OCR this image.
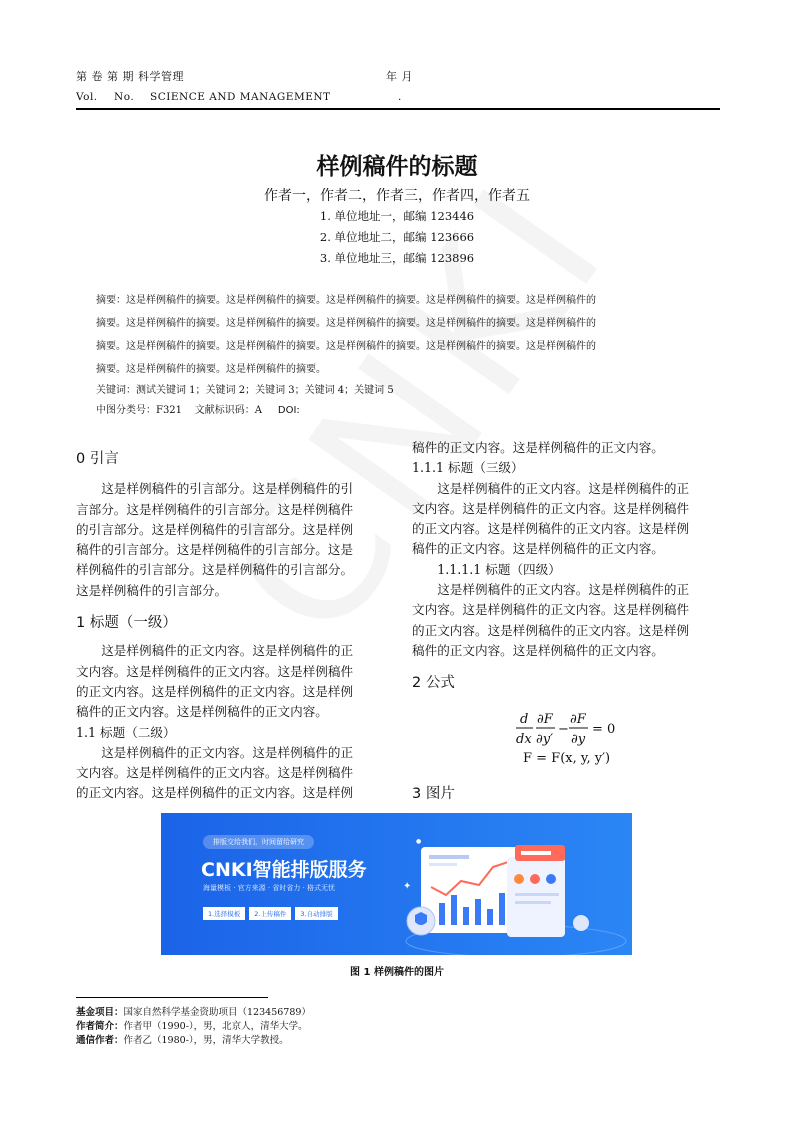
第 卷 第 期 科学管理	年 月
Vol. No. SCIENCE AND MANAGEMENT	.
样例稿件的标题
作者一，作者二，作者三，作者四，作者五
1. 单位地址一，邮编 123446
2. 单位地址二，邮编 123666
3. 单位地址三，邮编 123896
摘要：这是样例稿件的摘要。这是样例稿件的摘要。这是样例稿件的摘要。这是样例稿件的摘要。这是样例稿件的
摘要。这是样例稿件的摘要。这是样例稿件的摘要。这是样例稿件的摘要。这是样例稿件的摘要。这是样例稿件的
摘要。这是样例稿件的摘要。这是样例稿件的摘要。这是样例稿件的摘要。这是样例稿件的摘要。这是样例稿件的
摘要。这是样例稿件的摘要。这是样例稿件的摘要。
关键词：测试关键词 1；关键词 2；关键词 3；关键词 4；关键词 5
中图分类号：F321 文献标识码：A DOI:
0 引言
这是样例稿件的引言部分。这是样例稿件的引
言部分。这是样例稿件的引言部分。这是样例稿件
的引言部分。这是样例稿件的引言部分。这是样例
稿件的引言部分。这是样例稿件的引言部分。这是
样例稿件的引言部分。这是样例稿件的引言部分。
这是样例稿件的引言部分。
1 标题（一级）
这是样例稿件的正文内容。这是样例稿件的正
文内容。这是样例稿件的正文内容。这是样例稿件
的正文内容。这是样例稿件的正文内容。这是样例
稿件的正文内容。这是样例稿件的正文内容。
1.1 标题（二级）
这是样例稿件的正文内容。这是样例稿件的正
文内容。这是样例稿件的正文内容。这是样例稿件
的正文内容。这是样例稿件的正文内容。这是样例
稿件的正文内容。这是样例稿件的正文内容。
1.1.1 标题（三级）
这是样例稿件的正文内容。这是样例稿件的正
文内容。这是样例稿件的正文内容。这是样例稿件
的正文内容。这是样例稿件的正文内容。这是样例
稿件的正文内容。这是样例稿件的正文内容。
1.1.1.1 标题（四级）
这是样例稿件的正文内容。这是样例稿件的正
文内容。这是样例稿件的正文内容。这是样例稿件
的正文内容。这是样例稿件的正文内容。这是样例
稿件的正文内容。这是样例稿件的正文内容。
2 公式
d
dx
∂F
∂y′
−
∂F
∂y
= 0
F = F(x, y, y′)
3 图片
排版交给我们，时间留给研究
CNKI智能排版服务
海量模板 · 官方来源 · 省时省力 · 格式无忧
1.选择模板	2.上传稿件	3.自动排版
✦
●
图 1 样例稿件的图片
基金项目：国家自然科学基金资助项目（123456789）
作者简介：作者甲（1990-），男，北京人，清华大学。
通信作者：作者乙（1980-），男，清华大学教授。
